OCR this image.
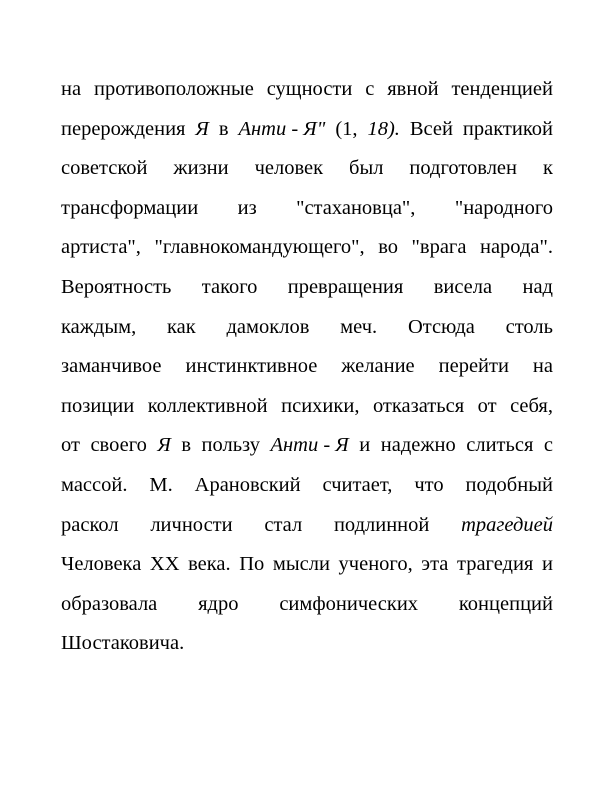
на противоположные сущности с явной тенденцией
перерождения Я в Анти - Я" (1, 18). Всей практикой
советской жизни человек был подготовлен к
трансформации из "стахановца", "народного
артиста", "главнокомандующего", во "врага народа".
Вероятность такого превращения висела над
каждым, как дамоклов меч. Отсюда столь
заманчивое инстинктивное желание перейти на
позиции коллективной психики, отказаться от себя,
от своего Я в пользу Анти - Я и надежно слиться с
массой. М. Арановский считает, что подобный
раскол личности стал подлинной трагедией
Человека XX века. По мысли ученого, эта трагедия и
образовала ядро симфонических концепций
Шостаковича.
